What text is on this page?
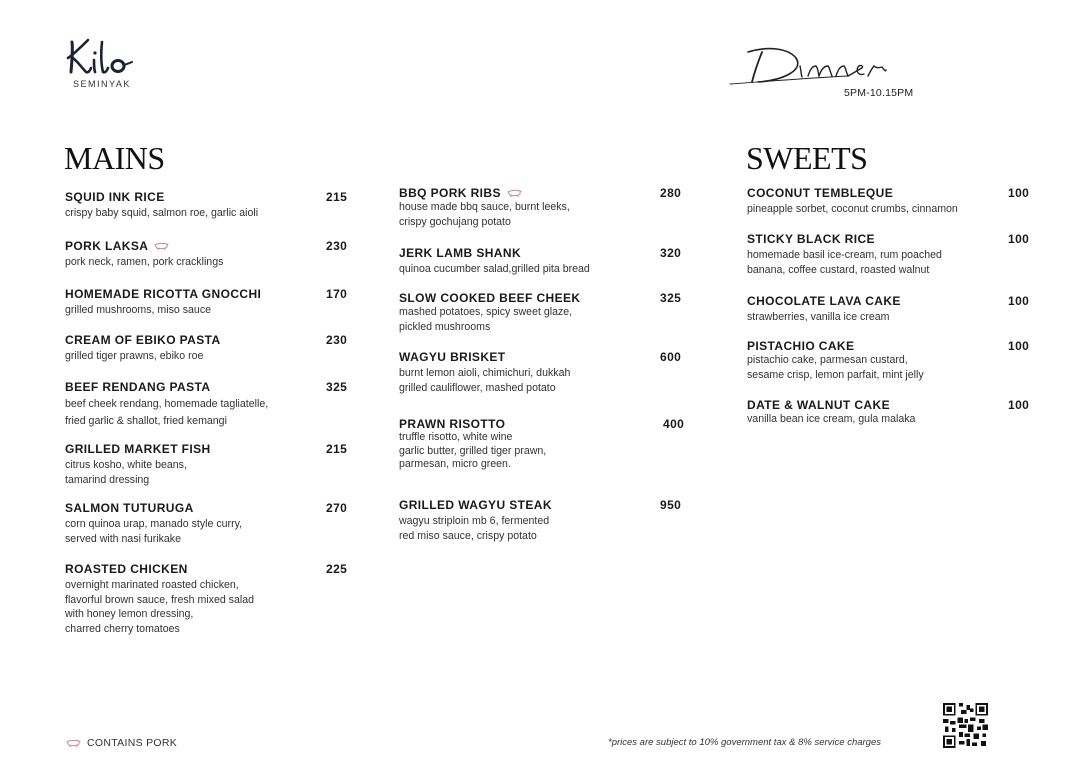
SEMINYAK
5PM-10.15PM
MAINS	SWEETS
SQUID INK RICE	215
crispy baby squid, salmon roe, garlic aioli
PORK LAKSA	230
pork neck, ramen, pork cracklings
HOMEMADE RICOTTA GNOCCHI	170
grilled mushrooms, miso sauce
CREAM OF EBIKO PASTA	230
grilled tiger prawns, ebiko roe
BEEF RENDANG PASTA	325
beef cheek rendang, homemade tagliatelle,
fried garlic & shallot, fried kemangi
GRILLED MARKET FISH	215
citrus kosho, white beans,
tamarind dressing
SALMON TUTURUGA	270
corn quinoa urap, manado style curry,
served with nasi furikake
ROASTED CHICKEN	225
overnight marinated roasted chicken,
flavorful brown sauce, fresh mixed salad
with honey lemon dressing,
charred cherry tomatoes
BBQ PORK RIBS	280
house made bbq sauce, burnt leeks,
crispy gochujang potato
JERK LAMB SHANK	320
quinoa cucumber salad,grilled pita bread
SLOW COOKED BEEF CHEEK	325
mashed potatoes, spicy sweet glaze,
pickled mushrooms
WAGYU BRISKET	600
burnt lemon aioli, chimichuri, dukkah
grilled cauliflower, mashed potato
PRAWN RISOTTO	400
truffle risotto, white wine
garlic butter, grilled tiger prawn,
parmesan, micro green.
GRILLED WAGYU STEAK	950
wagyu striploin mb 6, fermented
red miso sauce, crispy potato
COCONUT TEMBLEQUE	100
pineapple sorbet, coconut crumbs, cinnamon
STICKY BLACK RICE	100
homemade basil ice-cream, rum poached
banana, coffee custard, roasted walnut
CHOCOLATE LAVA CAKE	100
strawberries, vanilla ice cream
PISTACHIO CAKE	100
pistachio cake, parmesan custard,
sesame crisp, lemon parfait, mint jelly
DATE & WALNUT CAKE	100
vanilla bean ice cream, gula malaka
CONTAINS PORK	*prices are subject to 10% government tax & 8% service charges
